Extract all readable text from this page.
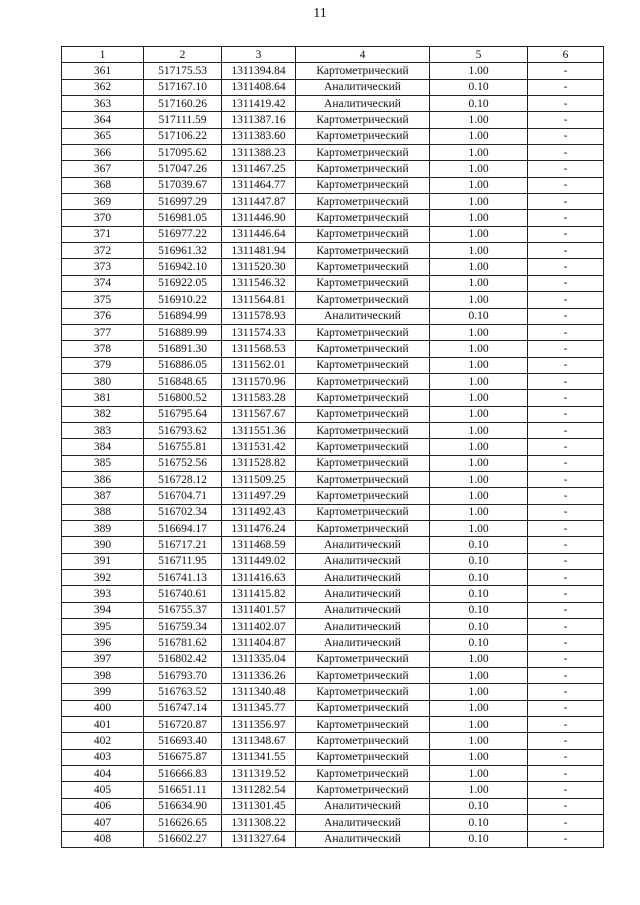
11
1	2	3	4	5	6
361	517175.53	1311394.84	Картометрический	1.00	-
362	517167.10	1311408.64	Аналитический	0.10	-
363	517160.26	1311419.42	Аналитический	0.10	-
364	517111.59	1311387.16	Картометрический	1.00	-
365	517106.22	1311383.60	Картометрический	1.00	-
366	517095.62	1311388.23	Картометрический	1.00	-
367	517047.26	1311467.25	Картометрический	1.00	-
368	517039.67	1311464.77	Картометрический	1.00	-
369	516997.29	1311447.87	Картометрический	1.00	-
370	516981.05	1311446.90	Картометрический	1.00	-
371	516977.22	1311446.64	Картометрический	1.00	-
372	516961.32	1311481.94	Картометрический	1.00	-
373	516942.10	1311520.30	Картометрический	1.00	-
374	516922.05	1311546.32	Картометрический	1.00	-
375	516910.22	1311564.81	Картометрический	1.00	-
376	516894.99	1311578.93	Аналитический	0.10	-
377	516889.99	1311574.33	Картометрический	1.00	-
378	516891.30	1311568.53	Картометрический	1.00	-
379	516886.05	1311562.01	Картометрический	1.00	-
380	516848.65	1311570.96	Картометрический	1.00	-
381	516800.52	1311583.28	Картометрический	1.00	-
382	516795.64	1311567.67	Картометрический	1.00	-
383	516793.62	1311551.36	Картометрический	1.00	-
384	516755.81	1311531.42	Картометрический	1.00	-
385	516752.56	1311528.82	Картометрический	1.00	-
386	516728.12	1311509.25	Картометрический	1.00	-
387	516704.71	1311497.29	Картометрический	1.00	-
388	516702.34	1311492.43	Картометрический	1.00	-
389	516694.17	1311476.24	Картометрический	1.00	-
390	516717.21	1311468.59	Аналитический	0.10	-
391	516711.95	1311449.02	Аналитический	0.10	-
392	516741.13	1311416.63	Аналитический	0.10	-
393	516740.61	1311415.82	Аналитический	0.10	-
394	516755.37	1311401.57	Аналитический	0.10	-
395	516759.34	1311402.07	Аналитический	0.10	-
396	516781.62	1311404.87	Аналитический	0.10	-
397	516802.42	1311335.04	Картометрический	1.00	-
398	516793.70	1311336.26	Картометрический	1.00	-
399	516763.52	1311340.48	Картометрический	1.00	-
400	516747.14	1311345.77	Картометрический	1.00	-
401	516720.87	1311356.97	Картометрический	1.00	-
402	516693.40	1311348.67	Картометрический	1.00	-
403	516675.87	1311341.55	Картометрический	1.00	-
404	516666.83	1311319.52	Картометрический	1.00	-
405	516651.11	1311282.54	Картометрический	1.00	-
406	516634.90	1311301.45	Аналитический	0.10	-
407	516626.65	1311308.22	Аналитический	0.10	-
408	516602.27	1311327.64	Аналитический	0.10	-
